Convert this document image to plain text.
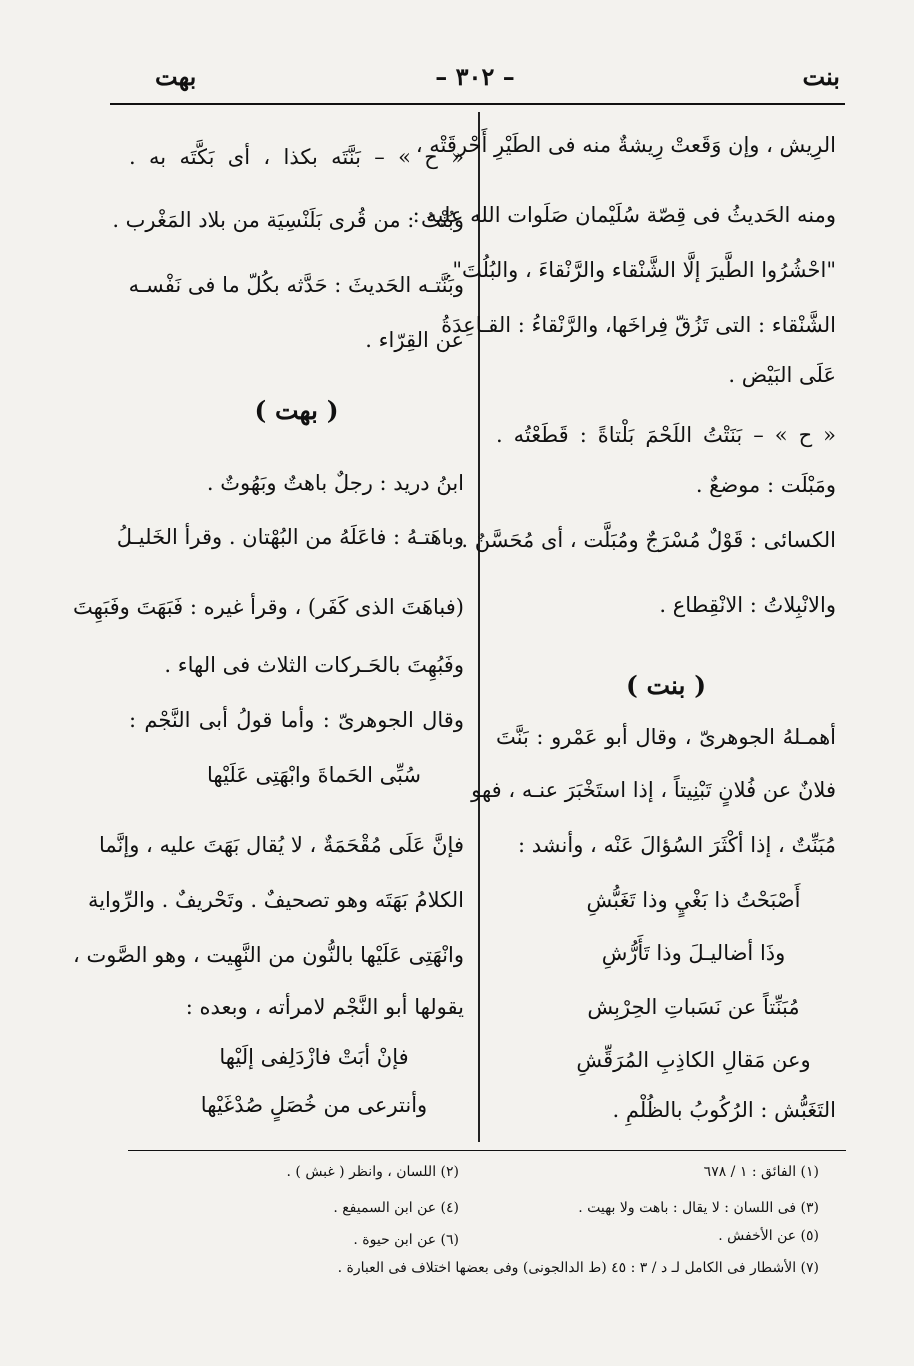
بنت
– ٣٠٢ –
بهت
الرِيش ، وإن وَقَعتْ رِيشةٌ منه فى الطَيْرِ أَحْرقَتْه ،
ومنه الحَديثُ فى قِصّة سُلَيْمان صَلَوات الله عليه :
"احْشُرُوا الطَّيرَ إلَّا الشَّنْقاء والرَّنْقاءَ ، والبُلُتَ".
الشَّنْقاء : التى تَزُقّ فِراخَها، والرَّنْقاءُ : القـاعِدَةُ
عَلَى البَيْض .
« ح » – بَنَتْتُ اللَحْمَ بَلْتاةً : قَطَعْتُه .
ومَبْلَت : موضعٌ .
الكسائى : قَوْلٌ مُسْرَجٌ ومُبَلَّت ، أى مُحَسَّنٌ .
والانْبِلاتُ : الانْقِطاع .
( بنت )
أهمـلهُ الجوهرىّ ، وقال أبو عَمْرو : بَنَّتَ
فلانٌ عن فُلانٍ تَبْنِيتاً ، إذا استَخْبَرَ عنـه ، فهو
مُبَنِّتٌ ، إذا أكْثَرَ السُؤالَ عَنْه ، وأنشد :
أَصْبَحْتُ ذا بَغْيٍ وذا تَغَبُّشِ
وذَا أضاليـلَ وذا تَأَرُّشِ
مُبَنِّتاً عن نَسَباتِ الحِرْبِش
وعن مَقالِ الكاذِبِ المُرَقِّشِ
التَغَبُّش : الرُكُوبُ بالظُلْمِ .
« ح » – بَنَّتَه بكذا ، أى بَكَّتَه به .
وبُنْتُ : من قُرى بَلَنْسِيَة من بلاد المَغْرب .
وبَنَّتـه الحَديثَ : حَدَّثه بكُلّ ما فى نَفْسـه
عن القِرّاء .
( بهت )
ابنُ دريد : رجلٌ باهتٌ وبَهُوتٌ .
وباهَتـهُ : فاعَلَهُ من البُهْتان . وقرأ الخَليـلُ
(فباهَتَ الذى كَفَر) ، وقرأ غيره : فَبَهَتَ وفَبَهِتَ
وفَبُهِتَ بالحَـركات الثلاث فى الهاء .
وقال الجوهرىّ : وأما قولُ أبى النَّجْم :
سُبِّى الحَماةَ وابْهَتِى عَلَيْها
فإنَّ عَلَى مُقْحَمَةٌ ، لا يُقال بَهَتَ عليه ، وإنَّما
الكلامُ بَهَتَه وهو تصحيفٌ . وتَحْريفٌ . والرِّواية
وانْهَتِى عَلَيْها بالنُّون من النَّهِيت ، وهو الصَّوت ،
يقولها أبو النَّجْم لامرأته ، وبعده :
فإنْ أبَتْ فازْدَلِفى إلَيْها
وأنترعى من خُصَلٍ صُدْغَيْها
(١) الفائق : ١ / ٦٧٨
(٢) اللسان ، وانظر ( غبش ) .
(٣) فى اللسان : لا يقال : باهت ولا بهيت .
(٤) عن ابن السميفع .
(٥) عن الأخفش .
(٦) عن ابن حيوة .
(٧) الأشطار فى الكامل لـ د / ٣ : ٤٥ (ط الدالجونى) وفى بعضها اختلاف فى العبارة .
